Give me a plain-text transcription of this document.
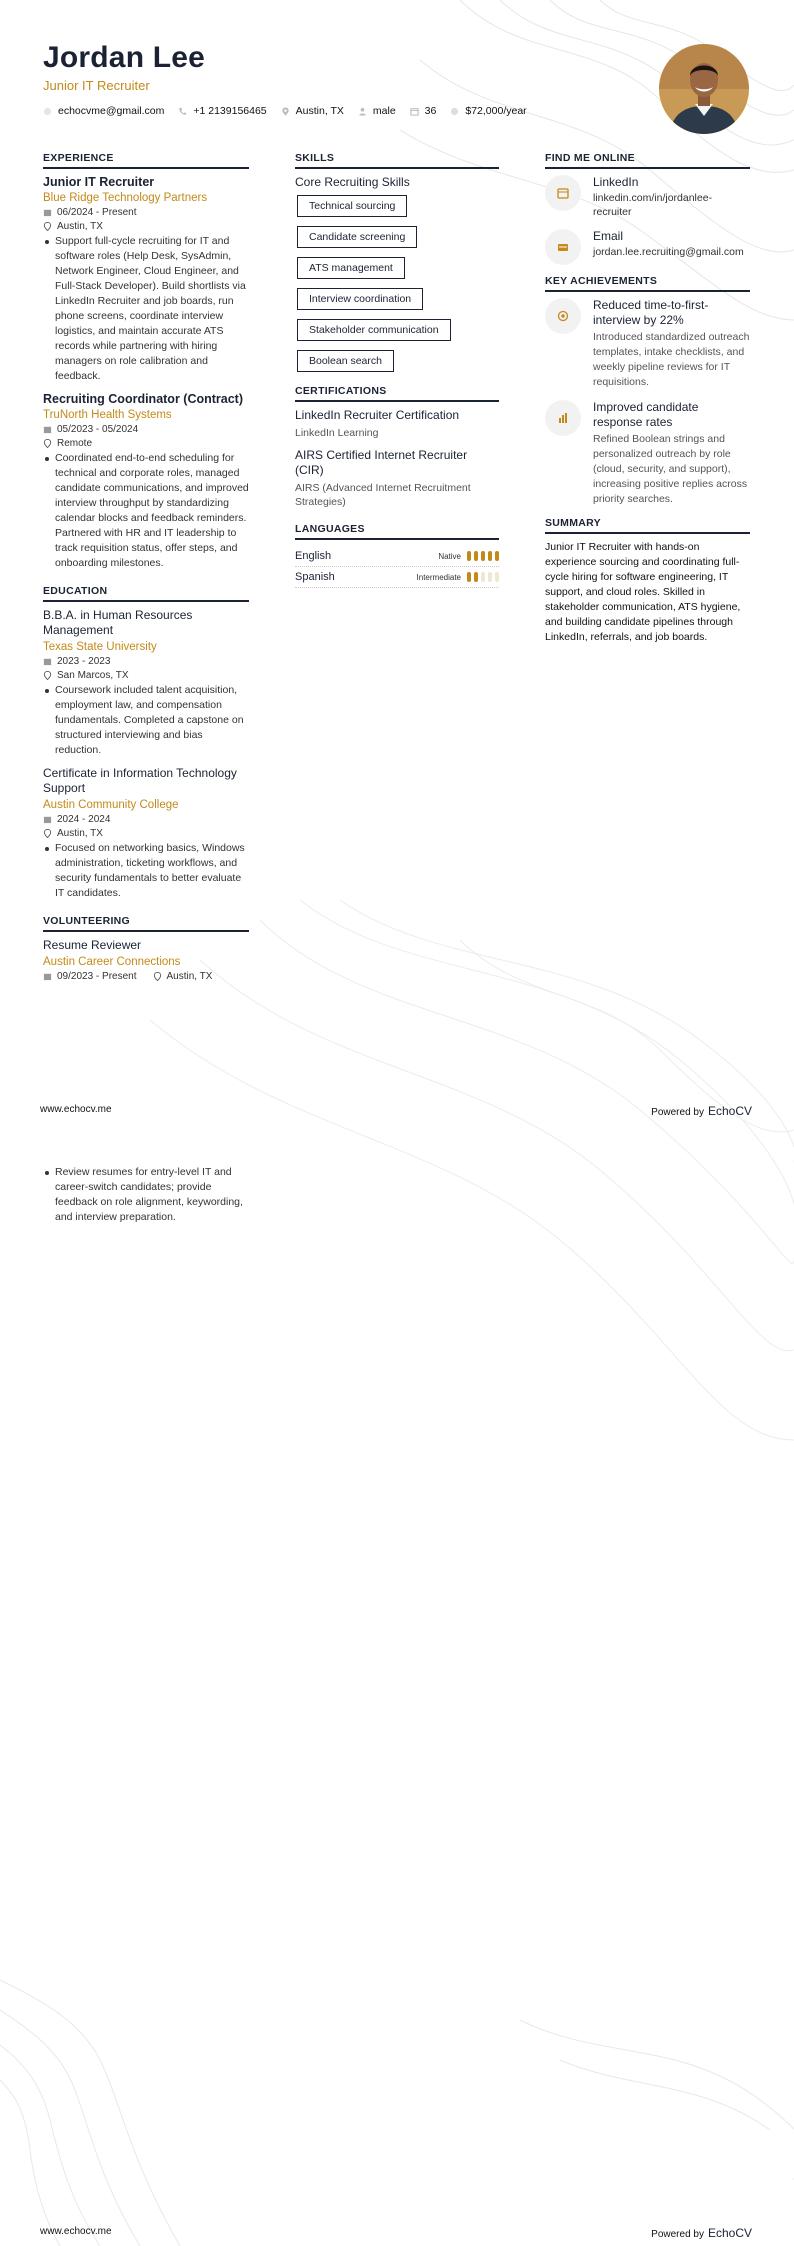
Jordan Lee
Junior IT Recruiter
echocvme@gmail.com	+1 2139156465	Austin, TX	male	36	$72,000/year
EXPERIENCE
Junior IT Recruiter
Blue Ridge Technology Partners
06/2024 - Present
Austin, TX
Support full-cycle recruiting for IT and software roles (Help Desk, SysAdmin, Network Engineer, Cloud Engineer, and Full-Stack Developer). Build shortlists via LinkedIn Recruiter and job boards, run phone screens, coordinate interview logistics, and maintain accurate ATS records while partnering with hiring managers on role calibration and feedback.
Recruiting Coordinator (Contract)
TruNorth Health Systems
05/2023 - 05/2024
Remote
Coordinated end-to-end scheduling for technical and corporate roles, managed candidate communications, and improved interview throughput by standardizing calendar blocks and feedback reminders. Partnered with HR and IT leadership to track requisition status, offer steps, and onboarding milestones.
EDUCATION
B.B.A. in Human Resources Management
Texas State University
2023 - 2023
San Marcos, TX
Coursework included talent acquisition, employment law, and compensation fundamentals. Completed a capstone on structured interviewing and bias reduction.
Certificate in Information Technology Support
Austin Community College
2024 - 2024
Austin, TX
Focused on networking basics, Windows administration, ticketing workflows, and security fundamentals to better evaluate IT candidates.
VOLUNTEERING
Resume Reviewer
Austin Career Connections
09/2023 - Present	Austin, TX
SKILLS
Core Recruiting Skills
Technical sourcing
Candidate screening
ATS management
Interview coordination
Stakeholder communication
Boolean search
CERTIFICATIONS
LinkedIn Recruiter Certification
LinkedIn Learning
AIRS Certified Internet Recruiter (CIR)
AIRS (Advanced Internet Recruitment Strategies)
LANGUAGES
English	Native
Spanish	Intermediate
FIND ME ONLINE
LinkedIn
linkedin.com/in/jordanlee-recruiter
Email
jordan.lee.recruiting@gmail.com
KEY ACHIEVEMENTS
Reduced time-to-first-interview by 22%
Introduced standardized outreach templates, intake checklists, and weekly pipeline reviews for IT requisitions.
Improved candidate response rates
Refined Boolean strings and personalized outreach by role (cloud, security, and support), increasing positive replies across priority searches.
SUMMARY
Junior IT Recruiter with hands-on experience sourcing and coordinating full-cycle hiring for software engineering, IT support, and cloud roles. Skilled in stakeholder communication, ATS hygiene, and building candidate pipelines through LinkedIn, referrals, and job boards.
www.echocv.me	Powered by EchoCV
Review resumes for entry-level IT and career-switch candidates; provide feedback on role alignment, keywording, and interview preparation.
www.echocv.me	Powered by EchoCV
